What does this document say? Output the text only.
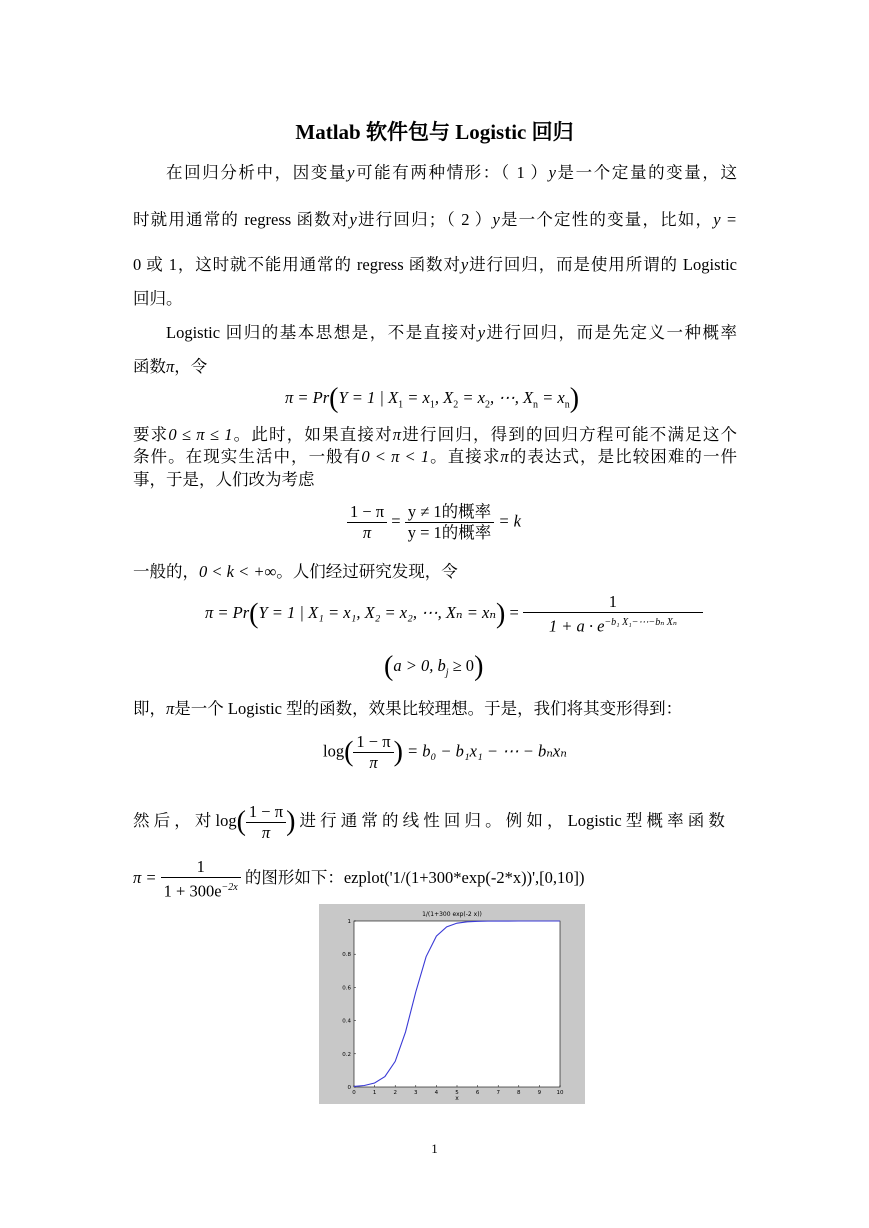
Matlab 软件包与 Logistic 回归
在回归分析中，因变量y可能有两种情形：（ 1 ）y是一个定量的变量，这
时就用通常的 regress 函数对y进行回归；（ 2 ）y是一个定性的变量，比如，y =
0 或 1，这时就不能用通常的 regress 函数对y进行回归，而是使用所谓的 Logistic
回归。
Logistic 回归的基本思想是，不是直接对y进行回归，而是先定义一种概率
函数π，令
π = Pr(Y = 1 | $X_1 = x_1$, $X_2 = x_2$, ⋯, $X_n = x_n$)
要求0 ≤ π ≤ 1。此时，如果直接对π进行回归，得到的回归方程可能不满足这个
条件。在现实生活中，一般有0 < π < 1。直接求π的表达式，是比较困难的一件
事，于是，人们改为考虑
$\frac{1 - \pi}{\pi} = \frac{\text{y ≠ 1的概率}}{\text{y = 1的概率}} = k$
一般的，0 < k < +∞。人们经过研究发现，令
π = Pr(Y = 1 | X₁ = x₁, X₂ = x₂, ⋯, $X_n = x_n) = \frac{1}{1 + a \cdot e^{-b_1 X_1-\cdots-b_n X_n}}$
(a > 0, $b_j \ge 0$)
即，π是一个 Logistic 型的函数，效果比较理想。于是，我们将其变形得到：
$\log( \frac{1 - \pi}{\pi}$ ) = b₀ − b₁x₁ − ⋯ − bₙxₙ
然 后 ， 对 $\log( \frac{1 - \pi}{\pi}$ ) 进 行 通 常 的 线 性 回 归 。 例 如 ， Logistic 型 概 率 函 数
$\pi = \frac{1}{1 + 300e^{-2x}}$ 的图形如下：ezplot('1/(1+300*exp(-2*x))',[0,10])
1/(1+300 exp(-2 x))
0	1	2	3	4	5	6	7	8	9	10
0
0.2
0.4
0.6
0.8
1
x
1
